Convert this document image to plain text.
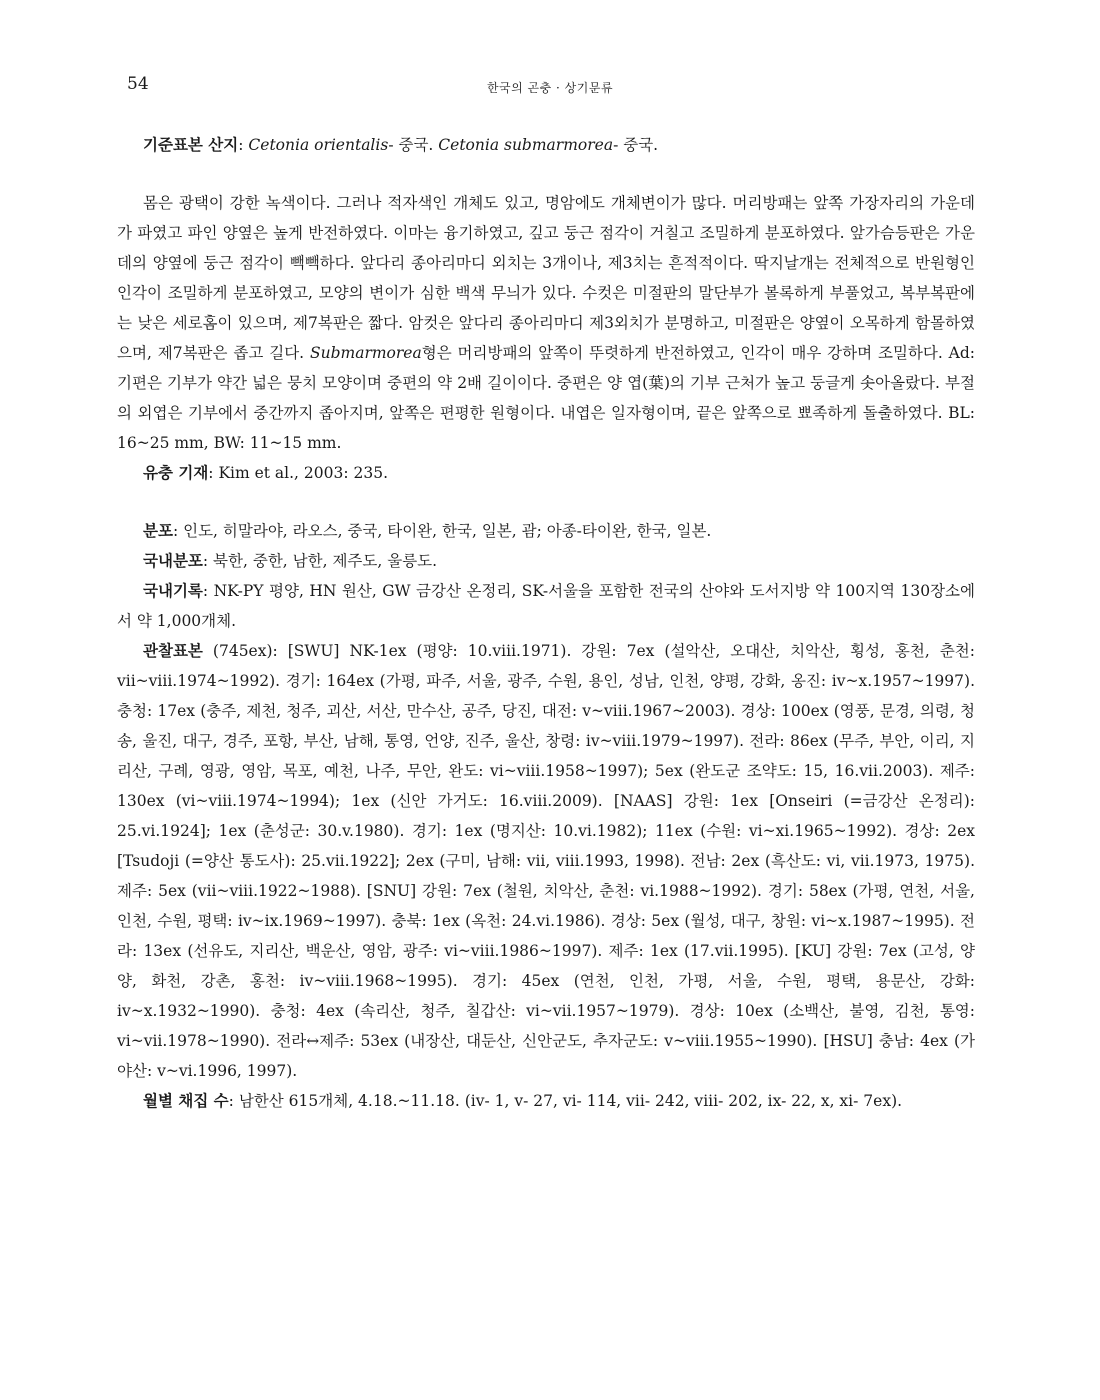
54	한국의 곤충 · 상기문류

기준표본 산지: Cetonia orientalis- 중국. Cetonia submarmorea- 중국.

몸은 광택이 강한 녹색이다. 그러나 적자색인 개체도 있고, 명암에도 개체변이가 많다. 머리방패는 앞쪽 가장자리의 가운데가 파였고 파인 양옆은 높게 반전하였다. 이마는 융기하였고, 깊고 둥근 점각이 거칠고 조밀하게 분포하였다. 앞가슴등판은 가운데의 양옆에 둥근 점각이 빽빽하다. 앞다리 종아리마디 외치는 3개이나, 제3치는 흔적적이다. 딱지날개는 전체적으로 반원형인 인각이 조밀하게 분포하였고, 모양의 변이가 심한 백색 무늬가 있다. 수컷은 미절판의 말단부가 볼록하게 부풀었고, 복부복판에는 낮은 세로홈이 있으며, 제7복판은 짧다. 암컷은 앞다리 종아리마디 제3외치가 분명하고, 미절판은 양옆이 오목하게 함몰하였으며, 제7복판은 좁고 길다. Submarmorea형은 머리방패의 앞쪽이 뚜렷하게 반전하였고, 인각이 매우 강하며 조밀하다. Ad: 기편은 기부가 약간 넓은 뭉치 모양이며 중편의 약 2배 길이이다. 중편은 양 엽(葉)의 기부 근처가 높고 둥글게 솟아올랐다. 부절의 외엽은 기부에서 중간까지 좁아지며, 앞쪽은 편평한 원형이다. 내엽은 일자형이며, 끝은 앞쪽으로 뾰족하게 돌출하였다. BL: 16~25 mm, BW: 11~15 mm.

유충 기재: Kim et al., 2003: 235.

분포: 인도, 히말라야, 라오스, 중국, 타이완, 한국, 일본, 괌; 아종-타이완, 한국, 일본.

국내분포: 북한, 중한, 남한, 제주도, 울릉도.

국내기록: NK-PY 평양, HN 원산, GW 금강산 온정리, SK-서울을 포함한 전국의 산야와 도서지방 약 100지역 130장소에서 약 1,000개체.

관찰표본 (745ex): [SWU] NK-1ex (평양: 10.viii.1971). 강원: 7ex (설악산, 오대산, 치악산, 횡성, 홍천, 춘천: vii~viii.1974~1992). 경기: 164ex (가평, 파주, 서울, 광주, 수원, 용인, 성남, 인천, 양평, 강화, 옹진: iv~x.1957~1997). 충청: 17ex (충주, 제천, 청주, 괴산, 서산, 만수산, 공주, 당진, 대전: v~viii.1967~2003). 경상: 100ex (영풍, 문경, 의령, 청송, 울진, 대구, 경주, 포항, 부산, 남해, 통영, 언양, 진주, 울산, 창령: iv~viii.1979~1997). 전라: 86ex (무주, 부안, 이리, 지리산, 구례, 영광, 영암, 목포, 예천, 나주, 무안, 완도: vi~viii.1958~1997); 5ex (완도군 조약도: 15, 16.vii.2003). 제주: 130ex (vi~viii.1974~1994); 1ex (신안 가거도: 16.viii.2009). [NAAS] 강원: 1ex [Onseiri (=금강산 온정리): 25.vi.1924]; 1ex (춘성군: 30.v.1980). 경기: 1ex (명지산: 10.vi.1982); 11ex (수원: vi~xi.1965~1992). 경상: 2ex [Tsudoji (=양산 통도사): 25.vii.1922]; 2ex (구미, 남해: vii, viii.1993, 1998). 전남: 2ex (흑산도: vi, vii.1973, 1975). 제주: 5ex (vii~viii.1922~1988). [SNU] 강원: 7ex (철원, 치악산, 춘천: vi.1988~1992). 경기: 58ex (가평, 연천, 서울, 인천, 수원, 평택: iv~ix.1969~1997). 충북: 1ex (옥천: 24.vi.1986). 경상: 5ex (월성, 대구, 창원: vi~x.1987~1995). 전라: 13ex (선유도, 지리산, 백운산, 영암, 광주: vi~viii.1986~1997). 제주: 1ex (17.vii.1995). [KU] 강원: 7ex (고성, 양양, 화천, 강촌, 홍천: iv~viii.1968~1995). 경기: 45ex (연천, 인천, 가평, 서울, 수원, 평택, 용문산, 강화: iv~x.1932~1990). 충청: 4ex (속리산, 청주, 칠갑산: vi~vii.1957~1979). 경상: 10ex (소백산, 불영, 김천, 통영: vi~vii.1978~1990). 전라↔제주: 53ex (내장산, 대둔산, 신안군도, 추자군도: v~viii.1955~1990). [HSU] 충남: 4ex (가야산: v~vi.1996, 1997).

월별 채집 수: 남한산 615개체, 4.18.~11.18. (iv- 1, v- 27, vi- 114, vii- 242, viii- 202, ix- 22, x, xi- 7ex).
